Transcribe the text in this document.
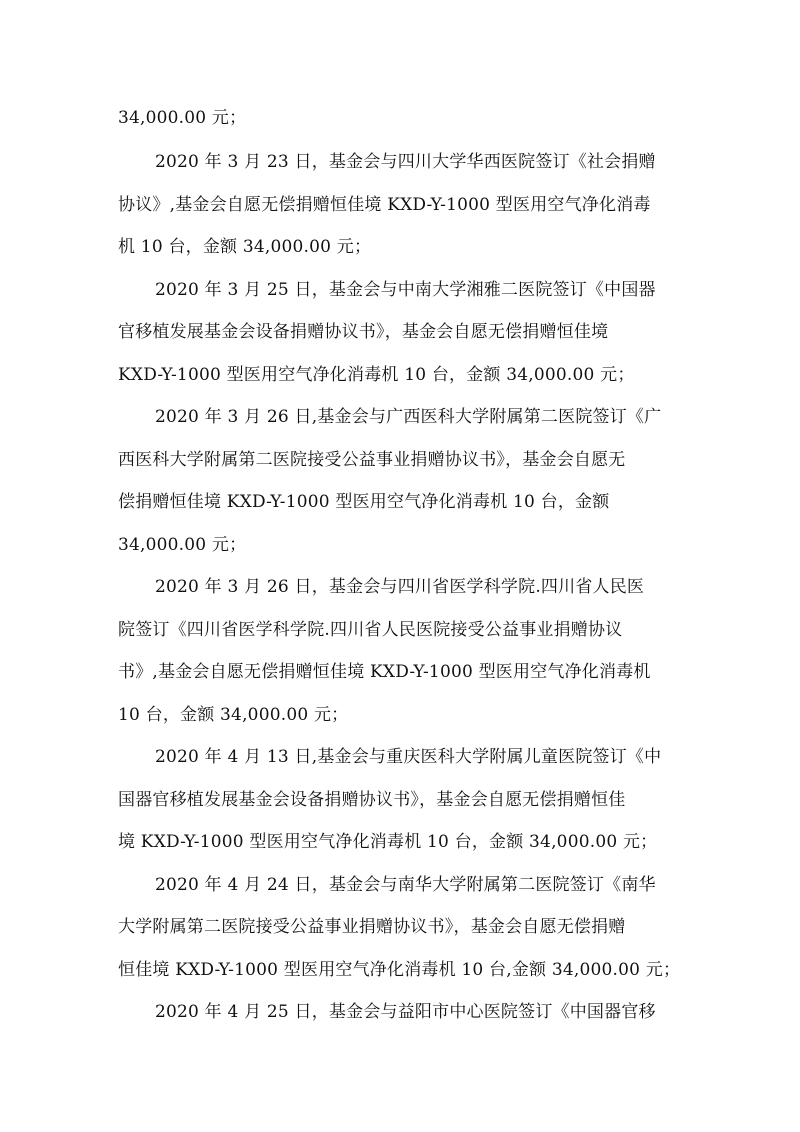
34,000.00 元；
2020 年 3 月 23 日，基金会与四川大学华西医院签订《社会捐赠
协议》,基金会自愿无偿捐赠恒佳境 KXD-Y-1000 型医用空气净化消毒
机 10 台，金额 34,000.00 元；
2020 年 3 月 25 日，基金会与中南大学湘雅二医院签订《中国器
官移植发展基金会设备捐赠协议书》，基金会自愿无偿捐赠恒佳境
KXD-Y-1000 型医用空气净化消毒机 10 台，金额 34,000.00 元；
2020 年 3 月 26 日,基金会与广西医科大学附属第二医院签订《广
西医科大学附属第二医院接受公益事业捐赠协议书》，基金会自愿无
偿捐赠恒佳境 KXD-Y-1000 型医用空气净化消毒机 10 台，金额
34,000.00 元；
2020 年 3 月 26 日，基金会与四川省医学科学院.四川省人民医
院签订《四川省医学科学院.四川省人民医院接受公益事业捐赠协议
书》,基金会自愿无偿捐赠恒佳境 KXD-Y-1000 型医用空气净化消毒机
10 台，金额 34,000.00 元；
2020 年 4 月 13 日,基金会与重庆医科大学附属儿童医院签订《中
国器官移植发展基金会设备捐赠协议书》，基金会自愿无偿捐赠恒佳
境 KXD-Y-1000 型医用空气净化消毒机 10 台，金额 34,000.00 元；
2020 年 4 月 24 日，基金会与南华大学附属第二医院签订《南华
大学附属第二医院接受公益事业捐赠协议书》，基金会自愿无偿捐赠
恒佳境 KXD-Y-1000 型医用空气净化消毒机 10 台,金额 34,000.00 元；
2020 年 4 月 25 日，基金会与益阳市中心医院签订《中国器官移
